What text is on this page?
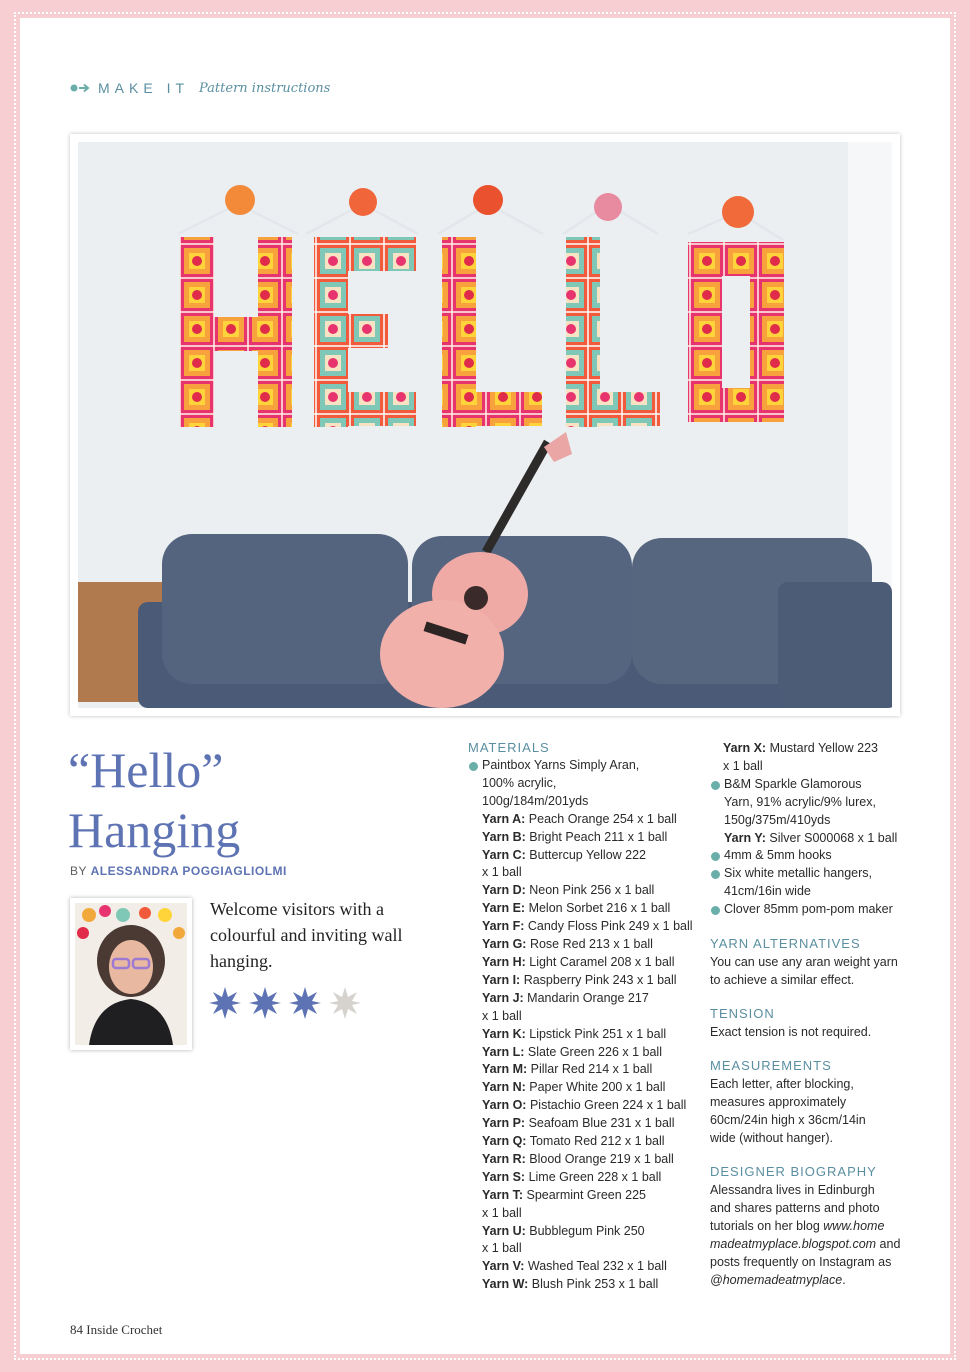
MAKE IT Pattern instructions
“Hello”
Hanging
BY ALESSANDRA POGGIAGLIOLMI
Welcome visitors with a colourful and inviting wall hanging.
MATERIALS
Paintbox Yarns Simply Aran,
100% acrylic,
100g/184m/201yds
Yarn A: Peach Orange 254 x 1 ball
Yarn B: Bright Peach 211 x 1 ball
Yarn C: Buttercup Yellow 222
x 1 ball
Yarn D: Neon Pink 256 x 1 ball
Yarn E: Melon Sorbet 216 x 1 ball
Yarn F: Candy Floss Pink 249 x 1 ball
Yarn G: Rose Red 213 x 1 ball
Yarn H: Light Caramel 208 x 1 ball
Yarn I: Raspberry Pink 243 x 1 ball
Yarn J: Mandarin Orange 217
x 1 ball
Yarn K: Lipstick Pink 251 x 1 ball
Yarn L: Slate Green 226 x 1 ball
Yarn M: Pillar Red 214 x 1 ball
Yarn N: Paper White 200 x 1 ball
Yarn O: Pistachio Green 224 x 1 ball
Yarn P: Seafoam Blue 231 x 1 ball
Yarn Q: Tomato Red 212 x 1 ball
Yarn R: Blood Orange 219 x 1 ball
Yarn S: Lime Green 228 x 1 ball
Yarn T: Spearmint Green 225
x 1 ball
Yarn U: Bubblegum Pink 250
x 1 ball
Yarn V: Washed Teal 232 x 1 ball
Yarn W: Blush Pink 253 x 1 ball
Yarn X: Mustard Yellow 223
x 1 ball
B&M Sparkle Glamorous
Yarn, 91% acrylic/9% lurex,
150g/375m/410yds
Yarn Y: Silver S000068 x 1 ball
4mm & 5mm hooks
Six white metallic hangers,
41cm/16in wide
Clover 85mm pom-pom maker
YARN ALTERNATIVES
You can use any aran weight yarn
to achieve a similar effect.
TENSION
Exact tension is not required.
MEASUREMENTS
Each letter, after blocking,
measures approximately
60cm/24in high x 36cm/14in
wide (without hanger).
DESIGNER BIOGRAPHY
Alessandra lives in Edinburgh
and shares patterns and photo
tutorials on her blog www.home
madeatmyplace.blogspot.com and
posts frequently on Instagram as
@homemadeatmyplace.
84 Inside Crochet
